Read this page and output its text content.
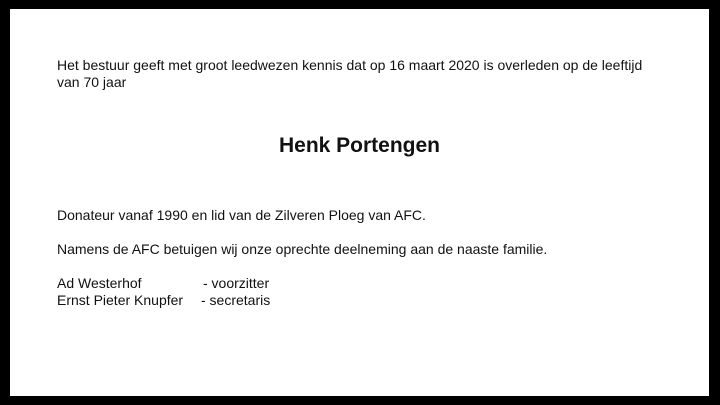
Het bestuur geeft met groot leedwezen kennis dat op 16 maart 2020 is overleden op de leeftijd van 70 jaar
Henk Portengen
Donateur vanaf 1990 en lid van de Zilveren Ploeg van AFC.
Namens de AFC betuigen wij onze oprechte deelneming aan de naaste familie.
Ad Westerhof	- voorzitter
Ernst Pieter Knupfer - secretaris
